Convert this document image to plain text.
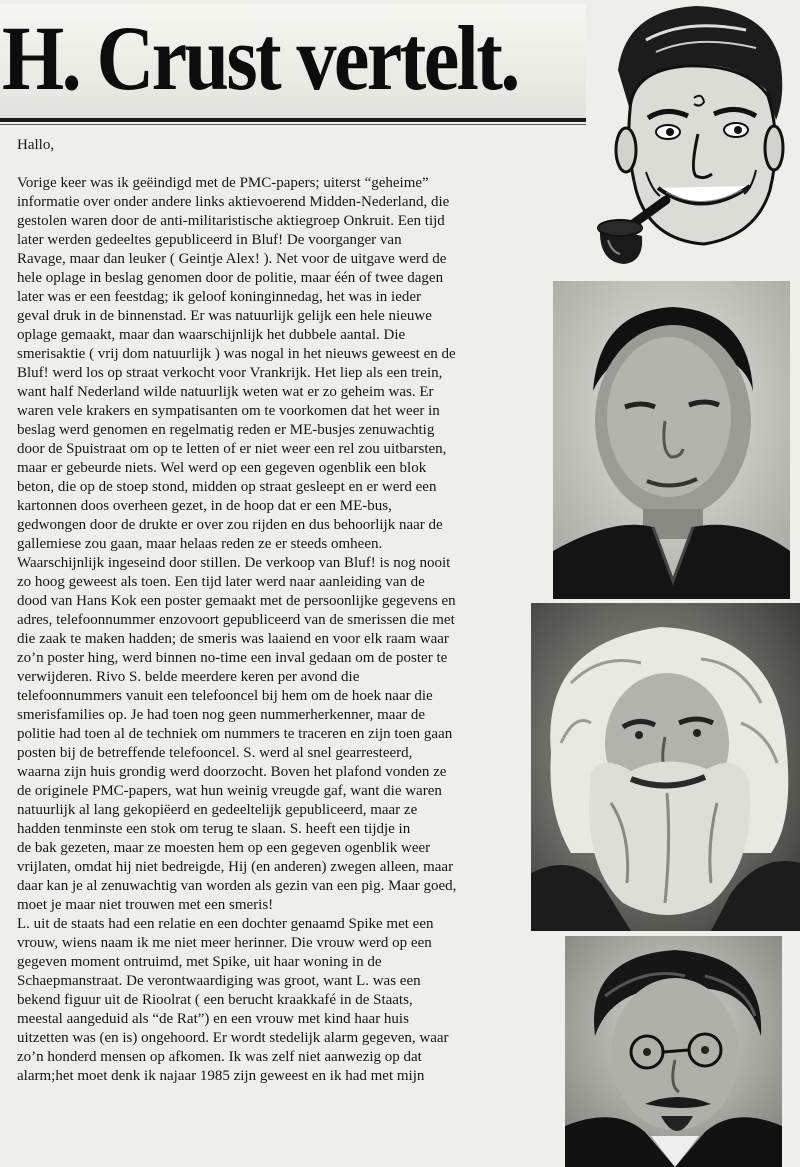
H. Crust vertelt.

Hallo,

Vorige keer was ik geëindigd met de PMC-papers; uiterst “geheime”
informatie over onder andere links aktievoerend Midden-Nederland, die
gestolen waren door de anti-militaristische aktiegroep Onkruit. Een tijd
later werden gedeeltes gepubliceerd in Bluf! De voorganger van
Ravage, maar dan leuker ( Geintje Alex! ). Net voor de uitgave werd de
hele oplage in beslag genomen door de politie, maar één of twee dagen
later was er een feestdag; ik geloof koninginnedag, het was in ieder
geval druk in de binnenstad. Er was natuurlijk gelijk een hele nieuwe
oplage gemaakt, maar dan waarschijnlijk het dubbele aantal. Die
smerisaktie ( vrij dom natuurlijk ) was nogal in het nieuws geweest en de
Bluf! werd los op straat verkocht voor Vrankrijk. Het liep als een trein,
want half Nederland wilde natuurlijk weten wat er zo geheim was. Er
waren vele krakers en sympatisanten om te voorkomen dat het weer in
beslag werd genomen en regelmatig reden er ME-busjes zenuwachtig
door de Spuistraat om op te letten of er niet weer een rel zou uitbarsten,
maar er gebeurde niets. Wel werd op een gegeven ogenblik een blok
beton, die op de stoep stond, midden op straat gesleept en er werd een
kartonnen doos overheen gezet, in de hoop dat er een ME-bus,
gedwongen door de drukte er over zou rijden en dus behoorlijk naar de
gallemiese zou gaan, maar helaas reden ze er steeds omheen.
Waarschijnlijk ingeseind door stillen. De verkoop van Bluf! is nog nooit
zo hoog geweest als toen. Een tijd later werd naar aanleiding van de
dood van Hans Kok een poster gemaakt met de persoonlijke gegevens en
adres, telefoonnummer enzovoort gepubliceerd van de smerissen die met
die zaak te maken hadden; de smeris was laaiend en voor elk raam waar
zo’n poster hing, werd binnen no-time een inval gedaan om de poster te
verwijderen. Rivo S. belde meerdere keren per avond die
telefoonnummers vanuit een telefooncel bij hem om de hoek naar die
smerisfamilies op. Je had toen nog geen nummerherkenner, maar de
politie had toen al de techniek om nummers te traceren en zijn toen gaan
posten bij de betreffende telefooncel. S. werd al snel gearresteerd,
waarna zijn huis grondig werd doorzocht. Boven het plafond vonden ze
de originele PMC-papers, wat hun weinig vreugde gaf, want die waren
natuurlijk al lang gekopiëerd en gedeeltelijk gepubliceerd, maar ze
hadden tenminste een stok om terug te slaan. S. heeft een tijdje in
de bak gezeten, maar ze moesten hem op een gegeven ogenblik weer
vrijlaten, omdat hij niet bedreigde, Hij (en anderen) zwegen alleen, maar
daar kan je al zenuwachtig van worden als gezin van een pig. Maar goed,
moet je maar niet trouwen met een smeris!

L. uit de staats had een relatie en een dochter genaamd Spike met een
vrouw, wiens naam ik me niet meer herinner. Die vrouw werd op een
gegeven moment ontruimd, met Spike, uit haar woning in de
Schaepmanstraat. De verontwaardiging was groot, want L. was een
bekend figuur uit de Rioolrat ( een berucht kraakkafé in de Staats,
meestal aangeduid als “de Rat”) en een vrouw met kind haar huis
uitzetten was (en is) ongehoord. Er wordt stedelijk alarm gegeven, waar
zo’n honderd mensen op afkomen. Ik was zelf niet aanwezig op dat
alarm;het moet denk ik najaar 1985 zijn geweest en ik had met mijn
